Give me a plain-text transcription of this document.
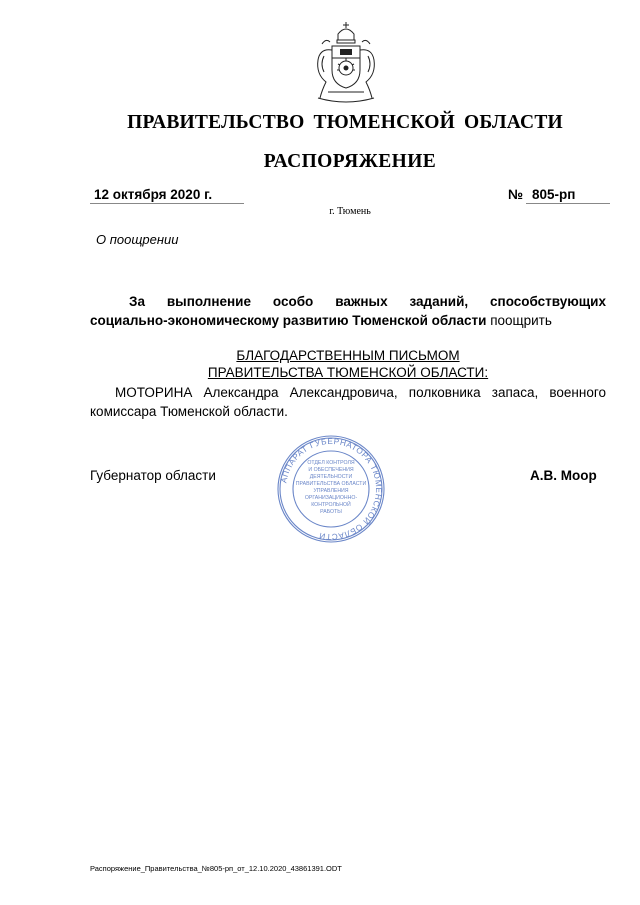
ПРАВИТЕЛЬСТВО ТЮМЕНСКОЙ ОБЛАСТИ
РАСПОРЯЖЕНИЕ
12 октября 2020 г.	№ 805-рп
г. Тюмень
О поощрении
За выполнение особо важных заданий, способствующих
социально-экономическому развитию Тюменской области поощрить
БЛАГОДАРСТВЕННЫМ ПИСЬМОМ
ПРАВИТЕЛЬСТВА ТЮМЕНСКОЙ ОБЛАСТИ:
МОТОРИНА Александра Александровича, полковника запаса, военного
комиссара Тюменской области.
АППАРАТ ГУБЕРНАТОРА ТЮМЕНСКОЙ ОБЛАСТИ
ОТДЕЛ КОНТРОЛЯ
И ОБЕСПЕЧЕНИЯ
ДЕЯТЕЛЬНОСТИ
ПРАВИТЕЛЬСТВА ОБЛАСТИ
УПРАВЛЕНИЯ
ОРГАНИЗАЦИОННО-
КОНТРОЛЬНОЙ
РАБОТЫ
Губернатор области	А.В. Моор
Распоряжение_Правительства_№805-рп_от_12.10.2020_43861391.ODT
